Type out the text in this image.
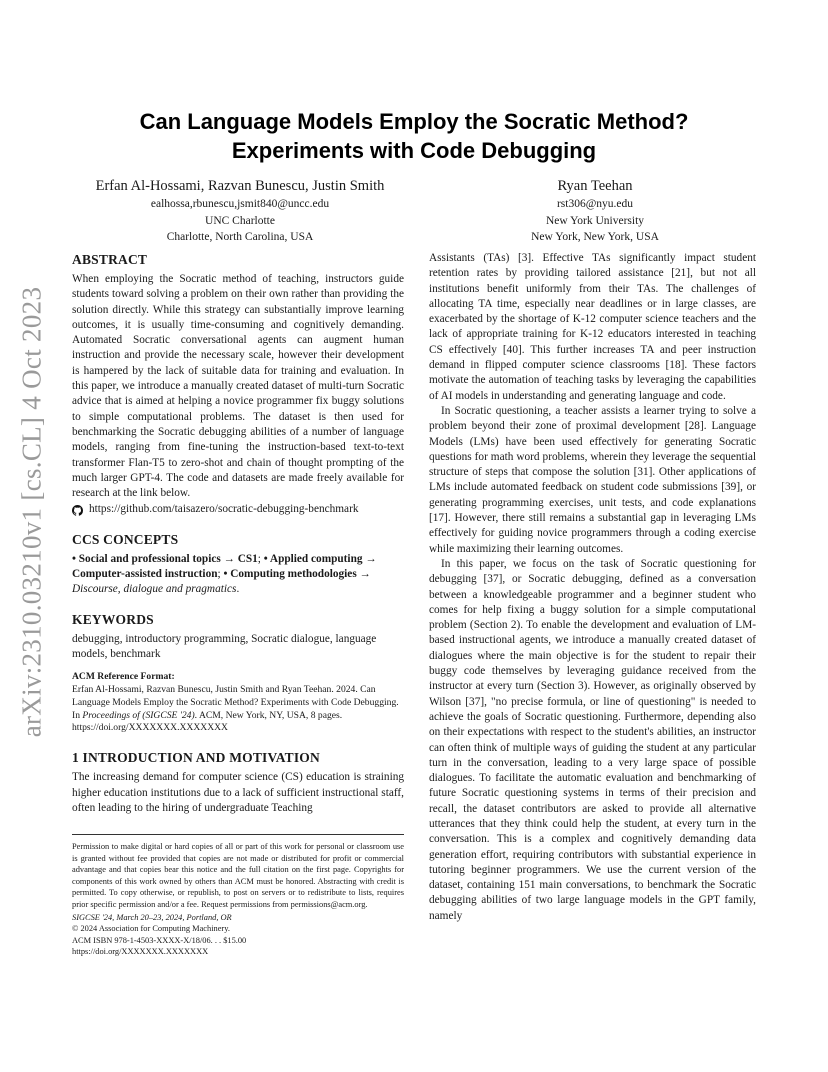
arXiv:2310.03210v1 [cs.CL] 4 Oct 2023
Can Language Models Employ the Socratic Method?
Experiments with Code Debugging
Erfan Al-Hossami, Razvan Bunescu, Justin Smith
ealhossa,rbunescu,jsmit840@uncc.edu
UNC Charlotte
Charlotte, North Carolina, USA
Ryan Teehan
rst306@nyu.edu
New York University
New York, New York, USA
ABSTRACT

When employing the Socratic method of teaching, instructors guide students toward solving a problem on their own rather than providing the solution directly. While this strategy can substantially improve learning outcomes, it is usually time-consuming and cognitively demanding. Automated Socratic conversational agents can augment human instruction and provide the necessary scale, however their development is hampered by the lack of suitable data for training and evaluation. In this paper, we introduce a manually created dataset of multi-turn Socratic advice that is aimed at helping a novice programmer fix buggy solutions to simple computational problems. The dataset is then used for benchmarking the Socratic debugging abilities of a number of language models, ranging from fine-tuning the instruction-based text-to-text transformer Flan-T5 to zero-shot and chain of thought prompting of the much larger GPT-4. The code and datasets are made freely available for research at the link below.

https://github.com/taisazero/socratic-debugging-benchmark
CCS CONCEPTS

• Social and professional topics → CS1; • Applied computing → Computer-assisted instruction; • Computing methodologies → Discourse, dialogue and pragmatics.

KEYWORDS

debugging, introductory programming, Socratic dialogue, language models, benchmark

ACM Reference Format:

Erfan Al-Hossami, Razvan Bunescu, Justin Smith and Ryan Teehan. 2024. Can Language Models Employ the Socratic Method? Experiments with Code Debugging. In Proceedings of (SIGCSE '24). ACM, New York, NY, USA, 8 pages. https://doi.org/XXXXXXX.XXXXXXX

1 INTRODUCTION AND MOTIVATION

The increasing demand for computer science (CS) education is straining higher education institutions due to a lack of sufficient instructional staff, often leading to the hiring of undergraduate Teaching

Permission to make digital or hard copies of all or part of this work for personal or classroom use is granted without fee provided that copies are not made or distributed for profit or commercial advantage and that copies bear this notice and the full citation on the first page. Copyrights for components of this work owned by others than ACM must be honored. Abstracting with credit is permitted. To copy otherwise, or republish, to post on servers or to redistribute to lists, requires prior specific permission and/or a fee. Request permissions from permissions@acm.org.

SIGCSE '24, March 20–23, 2024, Portland, OR

© 2024 Association for Computing Machinery.

ACM ISBN 978-1-4503-XXXX-X/18/06. . . $15.00

https://doi.org/XXXXXXX.XXXXXXX

Assistants (TAs) [3]. Effective TAs significantly impact student retention rates by providing tailored assistance [21], but not all institutions benefit uniformly from their TAs. The challenges of allocating TA time, especially near deadlines or in large classes, are exacerbated by the shortage of K-12 computer science teachers and the lack of appropriate training for K-12 educators interested in teaching CS effectively [40]. This further increases TA and peer instruction demand in flipped computer science classrooms [18]. These factors motivate the automation of teaching tasks by leveraging the capabilities of AI models in understanding and generating language and code.

In Socratic questioning, a teacher assists a learner trying to solve a problem beyond their zone of proximal development [28]. Language Models (LMs) have been used effectively for generating Socratic questions for math word problems, wherein they leverage the sequential structure of steps that compose the solution [31]. Other applications of LMs include automated feedback on student code submissions [39], or generating programming exercises, unit tests, and code explanations [17]. However, there still remains a substantial gap in leveraging LMs effectively for guiding novice programmers through a coding exercise while maximizing their learning outcomes.

In this paper, we focus on the task of Socratic questioning for debugging [37], or Socratic debugging, defined as a conversation between a knowledgeable programmer and a beginner student who comes for help fixing a buggy solution for a simple computational problem (Section 2). To enable the development and evaluation of LM-based instructional agents, we introduce a manually created dataset of dialogues where the main objective is for the student to repair their buggy code themselves by leveraging guidance received from the instructor at every turn (Section 3). However, as originally observed by Wilson [37], "no precise formula, or line of questioning" is needed to achieve the goals of Socratic questioning. Furthermore, depending also on their expectations with respect to the student's abilities, an instructor can often think of multiple ways of guiding the student at any particular turn in the conversation, leading to a very large space of possible dialogues. To facilitate the automatic evaluation and benchmarking of future Socratic questioning systems in terms of their precision and recall, the dataset contributors are asked to provide all alternative utterances that they think could help the student, at every turn in the conversation. This is a complex and cognitively demanding data generation effort, requiring contributors with substantial experience in tutoring beginner programmers. We use the current version of the dataset, containing 151 main conversations, to benchmark the Socratic debugging abilities of two large language models in the GPT family, namely
